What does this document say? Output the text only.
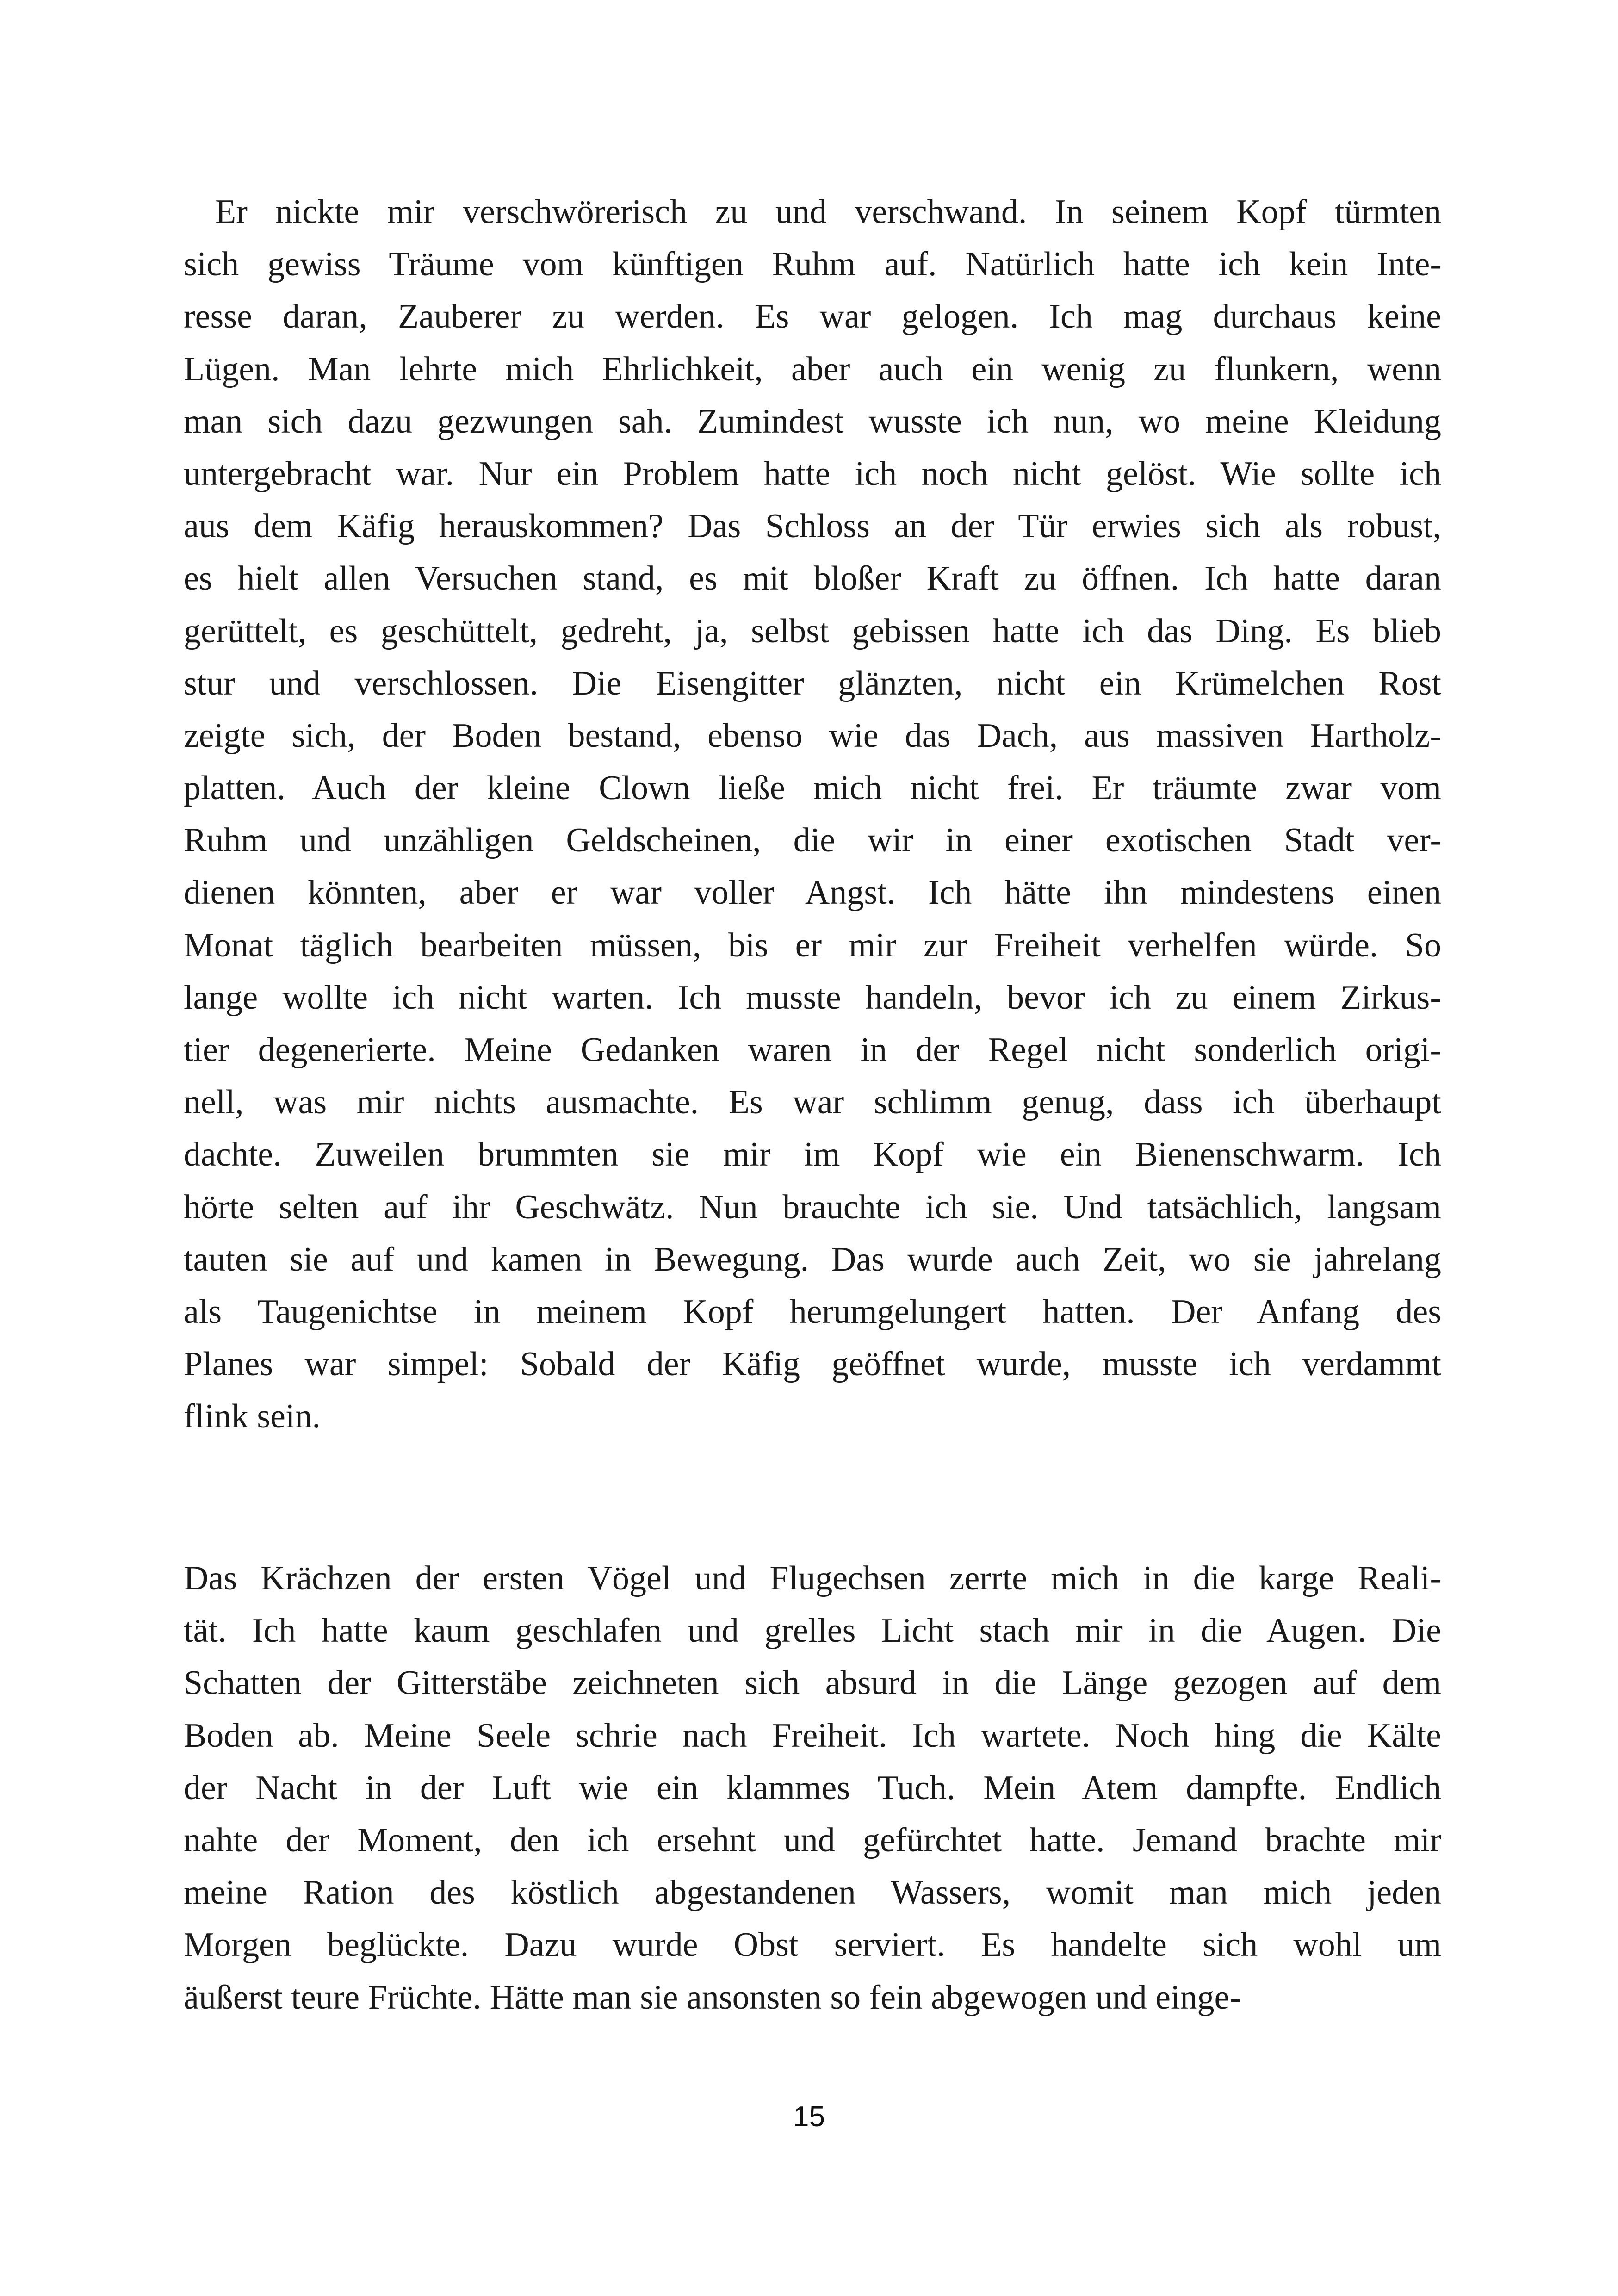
Er nickte mir verschwörerisch zu und verschwand. In seinem Kopf türmten
sich gewiss Träume vom künftigen Ruhm auf. Natürlich hatte ich kein Inte-
resse daran, Zauberer zu werden. Es war gelogen. Ich mag durchaus keine
Lügen. Man lehrte mich Ehrlichkeit, aber auch ein wenig zu flunkern, wenn
man sich dazu gezwungen sah. Zumindest wusste ich nun, wo meine Kleidung
untergebracht war. Nur ein Problem hatte ich noch nicht gelöst. Wie sollte ich
aus dem Käfig herauskommen? Das Schloss an der Tür erwies sich als robust,
es hielt allen Versuchen stand, es mit bloßer Kraft zu öffnen. Ich hatte daran
gerüttelt, es geschüttelt, gedreht, ja, selbst gebissen hatte ich das Ding. Es blieb
stur und verschlossen. Die Eisengitter glänzten, nicht ein Krümelchen Rost
zeigte sich, der Boden bestand, ebenso wie das Dach, aus massiven Hartholz-
platten. Auch der kleine Clown ließe mich nicht frei. Er träumte zwar vom
Ruhm und unzähligen Geldscheinen, die wir in einer exotischen Stadt ver-
dienen könnten, aber er war voller Angst. Ich hätte ihn mindestens einen
Monat täglich bearbeiten müssen, bis er mir zur Freiheit verhelfen würde. So
lange wollte ich nicht warten. Ich musste handeln, bevor ich zu einem Zirkus-
tier degenerierte. Meine Gedanken waren in der Regel nicht sonderlich origi-
nell, was mir nichts ausmachte. Es war schlimm genug, dass ich überhaupt
dachte. Zuweilen brummten sie mir im Kopf wie ein Bienenschwarm. Ich
hörte selten auf ihr Geschwätz. Nun brauchte ich sie. Und tatsächlich, langsam
tauten sie auf und kamen in Bewegung. Das wurde auch Zeit, wo sie jahrelang
als Taugenichtse in meinem Kopf herumgelungert hatten. Der Anfang des
Planes war simpel: Sobald der Käfig geöffnet wurde, musste ich verdammt
flink sein.
Das Krächzen der ersten Vögel und Flugechsen zerrte mich in die karge Reali-
tät. Ich hatte kaum geschlafen und grelles Licht stach mir in die Augen. Die
Schatten der Gitterstäbe zeichneten sich absurd in die Länge gezogen auf dem
Boden ab. Meine Seele schrie nach Freiheit. Ich wartete. Noch hing die Kälte
der Nacht in der Luft wie ein klammes Tuch. Mein Atem dampfte. Endlich
nahte der Moment, den ich ersehnt und gefürchtet hatte. Jemand brachte mir
meine Ration des köstlich abgestandenen Wassers, womit man mich jeden
Morgen beglückte. Dazu wurde Obst serviert. Es handelte sich wohl um
äußerst teure Früchte. Hätte man sie ansonsten so fein abgewogen und einge-
15
